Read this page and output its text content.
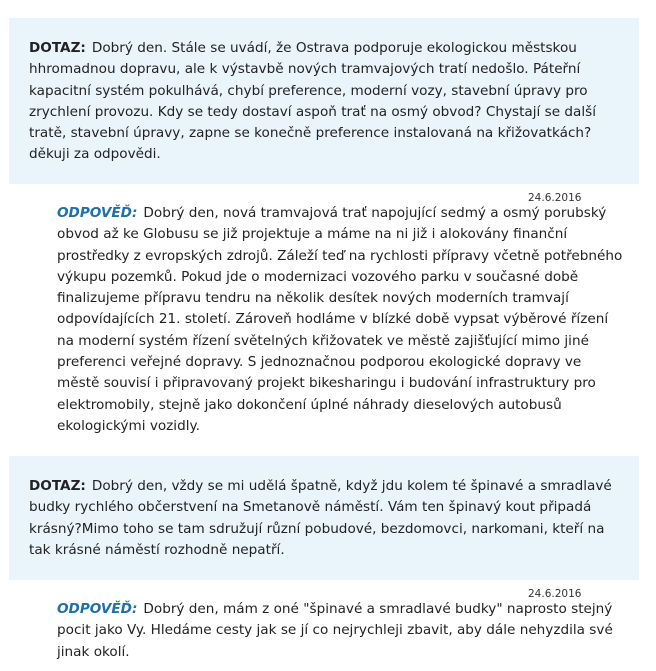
DOTAZ: Dobrý den. Stále se uvádí, že Ostrava podporuje ekologickou městskou hhromadnou dopravu, ale k výstavbě nových tramvajových tratí nedošlo. Páteřní kapacitní systém pokulhává, chybí preference, moderní vozy, stavební úpravy pro zrychlení provozu. Kdy se tedy dostaví aspoň trať na osmý obvod? Chystají se další tratě, stavební úpravy, zapne se konečně preference instalovaná na křižovatkách? děkuji za odpovědi.
24.6.2016
ODPOVĚĎ: Dobrý den, nová tramvajová trať napojující sedmý a osmý porubský obvod až ke Globusu se již projektuje a máme na ni již i alokovány finanční prostředky z evropských zdrojů. Záleží teď na rychlosti přípravy včetně potřebného výkupu pozemků. Pokud jde o modernizaci vozového parku v současné době finalizujeme přípravu tendru na několik desítek nových moderních tramvají odpovídajících 21. století. Zároveň hodláme v blízké době vypsat výběrové řízení na moderní systém řízení světelných křižovatek ve městě zajišťující mimo jiné preferenci veřejné dopravy. S jednoznačnou podporou ekologické dopravy ve městě souvisí i připravovaný projekt bikesharingu i budování infrastruktury pro elektromobily, stejně jako dokončení úplné náhrady dieselových autobusů ekologickými vozidly.
DOTAZ: Dobrý den, vždy se mi udělá špatně, když jdu kolem té špinavé a smradlavé budky rychlého občerstvení na Smetanově náměstí. Vám ten špinavý kout připadá krásný?Mimo toho se tam sdružují různí pobudové, bezdomovci, narkomani, kteří na tak krásné náměstí rozhodně nepatří.
24.6.2016
ODPOVĚĎ: Dobrý den, mám z oné "špinavé a smradlavé budky" naprosto stejný pocit jako Vy. Hledáme cesty jak se jí co nejrychleji zbavit, aby dále nehyzdila své jinak okolí.
